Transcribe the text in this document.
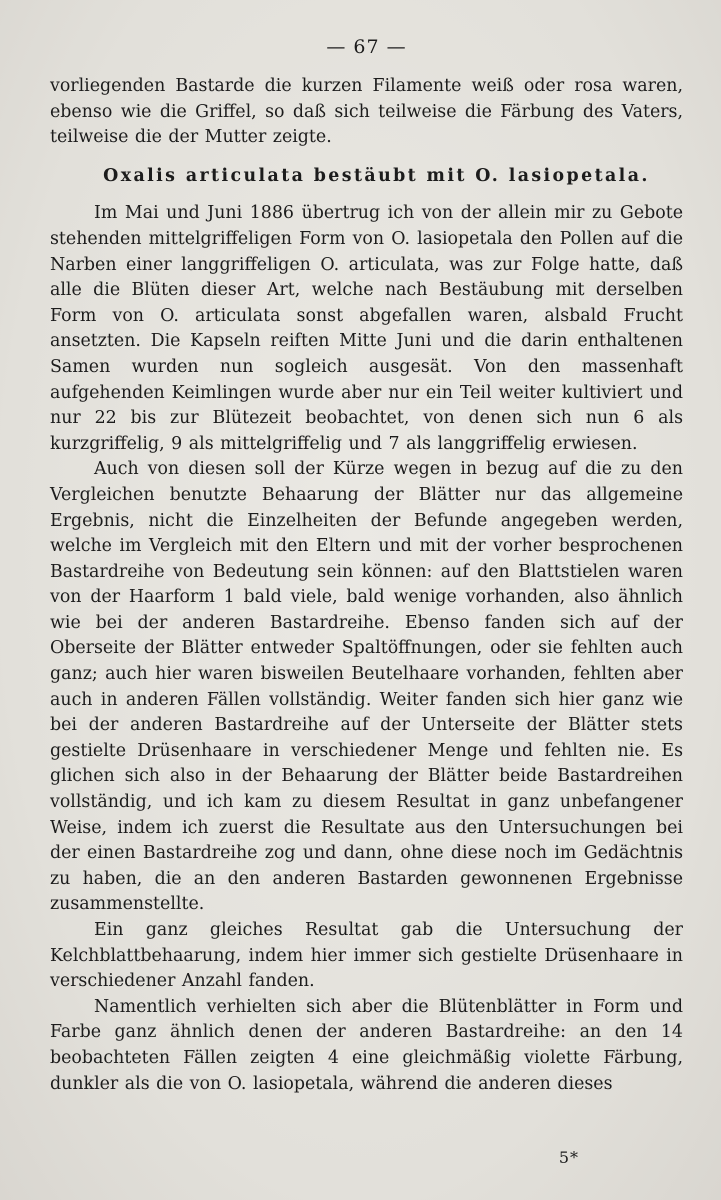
— 67 —

vorliegenden Bastarde die kurzen Filamente weiß oder rosa waren, ebenso wie die Griffel, so daß sich teilweise die Färbung des Vaters, teilweise die der Mutter zeigte.

Oxalis articulata bestäubt mit O. lasiopetala.

Im Mai und Juni 1886 übertrug ich von der allein mir zu Gebote stehenden mittelgriffeligen Form von O. lasiopetala den Pollen auf die Narben einer langgriffeligen O. articulata, was zur Folge hatte, daß alle die Blüten dieser Art, welche nach Bestäubung mit derselben Form von O. articulata sonst abgefallen waren, alsbald Frucht ansetzten. Die Kapseln reiften Mitte Juni und die darin enthaltenen Samen wurden nun sogleich ausgesät. Von den massenhaft aufgehenden Keimlingen wurde aber nur ein Teil weiter kultiviert und nur 22 bis zur Blütezeit beobachtet, von denen sich nun 6 als kurzgriffelig, 9 als mittelgriffelig und 7 als langgriffelig erwiesen.

Auch von diesen soll der Kürze wegen in bezug auf die zu den Vergleichen benutzte Behaarung der Blätter nur das allgemeine Ergebnis, nicht die Einzelheiten der Befunde angegeben werden, welche im Vergleich mit den Eltern und mit der vorher besprochenen Bastardreihe von Bedeutung sein können: auf den Blattstielen waren von der Haarform 1 bald viele, bald wenige vorhanden, also ähnlich wie bei der anderen Bastardreihe. Ebenso fanden sich auf der Oberseite der Blätter entweder Spaltöffnungen, oder sie fehlten auch ganz; auch hier waren bisweilen Beutelhaare vorhanden, fehlten aber auch in anderen Fällen vollständig. Weiter fanden sich hier ganz wie bei der anderen Bastardreihe auf der Unterseite der Blätter stets gestielte Drüsenhaare in verschiedener Menge und fehlten nie. Es glichen sich also in der Behaarung der Blätter beide Bastardreihen vollständig, und ich kam zu diesem Resultat in ganz unbefangener Weise, indem ich zuerst die Resultate aus den Untersuchungen bei der einen Bastardreihe zog und dann, ohne diese noch im Gedächtnis zu haben, die an den anderen Bastarden gewonnenen Ergebnisse zusammenstellte.

Ein ganz gleiches Resultat gab die Untersuchung der Kelchblattbehaarung, indem hier immer sich gestielte Drüsenhaare in verschiedener Anzahl fanden.

Namentlich verhielten sich aber die Blütenblätter in Form und Farbe ganz ähnlich denen der anderen Bastardreihe: an den 14 beobachteten Fällen zeigten 4 eine gleichmäßig violette Färbung, dunkler als die von O. lasiopetala, während die anderen dieses

5*
